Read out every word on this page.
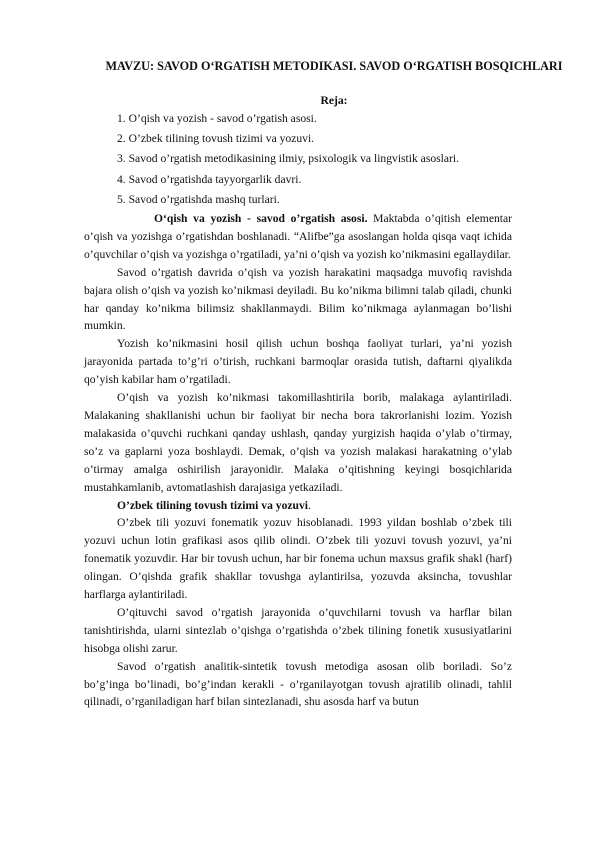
MAVZU: SAVOD O‘RGATISH METODIKASI. SAVOD O‘RGATISH BOSQICHLARI
Reja:
1. O’qish va yozish - savod o’rgatish asosi.
2. O’zbek tilining tovush tizimi va yozuvi.
3. Savod o’rgatish metodikasining ilmiy, psixologik va lingvistik asoslari.
4. Savod o’rgatishda tayyorgarlik davri.
5. Savod o’rgatishda mashq turlari.

O‘qish va yozish - savod o’rgatish asosi. Maktabda o’qitish elementar o’qish va yozishga o’rgatishdan boshlanadi. “Alifbe”ga asoslangan holda qisqa vaqt ichida o’quvchilar o’qish va yozishga o’rgatiladi, ya’ni o’qish va yozish ko’nikmasini egallaydilar.

Savod o’rgatish davrida o’qish va yozish harakatini maqsadga muvofiq ravishda bajara olish o’qish va yozish ko’nikmasi deyiladi. Bu ko’nikma bilimni talab qiladi, chunki har qanday ko’nikma bilimsiz shakllanmaydi. Bilim ko’nikmaga aylanmagan bo’lishi mumkin.

Yozish ko’nikmasini hosil qilish uchun boshqa faoliyat turlari, ya’ni yozish jarayonida partada to’g’ri o’tirish, ruchkani barmoqlar orasida tutish, daftarni qiyalikda qo’yish kabilar ham o’rgatiladi.

O’qish va yozish ko’nikmasi takomillashtirila borib, malakaga aylantiriladi. Malakaning shakllanishi uchun bir faoliyat bir necha bora takrorlanishi lozim. Yozish malakasida o’quvchi ruchkani qanday ushlash, qanday yurgizish haqida o’ylab o’tirmay, so’z va gaplarni yoza boshlaydi. Demak, o’qish va yozish malakasi harakatning o’ylab o’tirmay amalga oshirilish jarayonidir. Malaka o’qitishning keyingi bosqichlarida mustahkamlanib, avtomatlashish darajasiga yetkaziladi.

O’zbek tilining tovush tizimi va yozuvi.

O’zbek tili yozuvi fonematik yozuv hisoblanadi. 1993 yildan boshlab o’zbek tili yozuvi uchun lotin grafikasi asos qilib olindi. O’zbek tili yozuvi tovush yozuvi, ya’ni fonematik yozuvdir. Har bir tovush uchun, har bir fonema uchun maxsus grafik shakl (harf) olingan. O’qishda grafik shakllar tovushga aylantirilsa, yozuvda aksincha, tovushlar harflarga aylantiriladi.

O’qituvchi savod o’rgatish jarayonida o’quvchilarni tovush va harflar bilan tanishtirishda, ularni sintezlab o’qishga o’rgatishda o’zbek tilining fonetik xususiyatlarini hisobga olishi zarur.

Savod o’rgatish analitik-sintetik tovush metodiga asosan olib boriladi. So’z bo’g’inga bo’linadi, bo’g’indan kerakli - o’rganilayotgan tovush ajratilib olinadi, tahlil qilinadi, o’rganiladigan harf bilan sintezlanadi, shu asosda harf va butun
